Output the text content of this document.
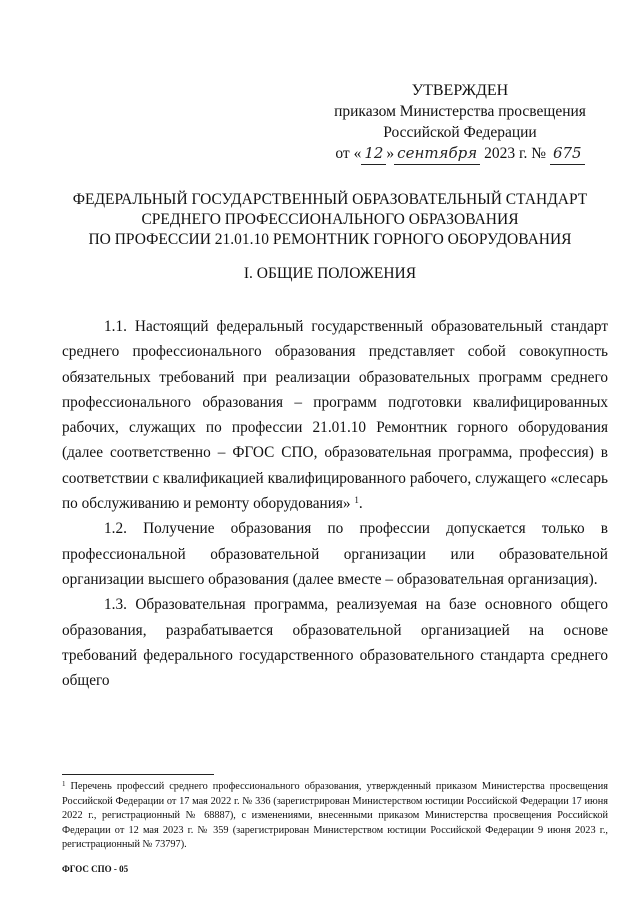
УТВЕРЖДЕН
приказом Министерства просвещения
Российской Федерации
от « 12 » сентября 2023 г. № 675
ФЕДЕРАЛЬНЫЙ ГОСУДАРСТВЕННЫЙ ОБРАЗОВАТЕЛЬНЫЙ СТАНДАРТ
СРЕДНЕГО ПРОФЕССИОНАЛЬНОГО ОБРАЗОВАНИЯ
ПО ПРОФЕССИИ 21.01.10 РЕМОНТНИК ГОРНОГО ОБОРУДОВАНИЯ
I. ОБЩИЕ ПОЛОЖЕНИЯ

1.1. Настоящий федеральный государственный образовательный стандарт среднего профессионального образования представляет собой совокупность обязательных требований при реализации образовательных программ среднего профессионального образования – программ подготовки квалифицированных рабочих, служащих по профессии 21.01.10 Ремонтник горного оборудования (далее соответственно – ФГОС СПО, образовательная программа, профессия) в соответствии с квалификацией квалифицированного рабочего, служащего «слесарь по обслуживанию и ремонту оборудования» $^1$.

1.2. Получение образования по профессии допускается только в профессиональной образовательной организации или образовательной организации высшего образования (далее вместе – образовательная организация).

1.3. Образовательная программа, реализуемая на базе основного общего образования, разрабатывается образовательной организацией на основе требований федерального государственного образовательного стандарта среднего общего

$^1$ Перечень профессий среднего профессионального образования, утвержденный приказом Министерства просвещения Российской Федерации от 17 мая 2022 г. № 336 (зарегистрирован Министерством юстиции Российской Федерации 17 июня 2022 г., регистрационный № 68887), с изменениями, внесенными приказом Министерства просвещения Российской Федерации от 12 мая 2023 г. № 359 (зарегистрирован Министерством юстиции Российской Федерации 9 июня 2023 г., регистрационный № 73797).
ФГОС СПО - 05
